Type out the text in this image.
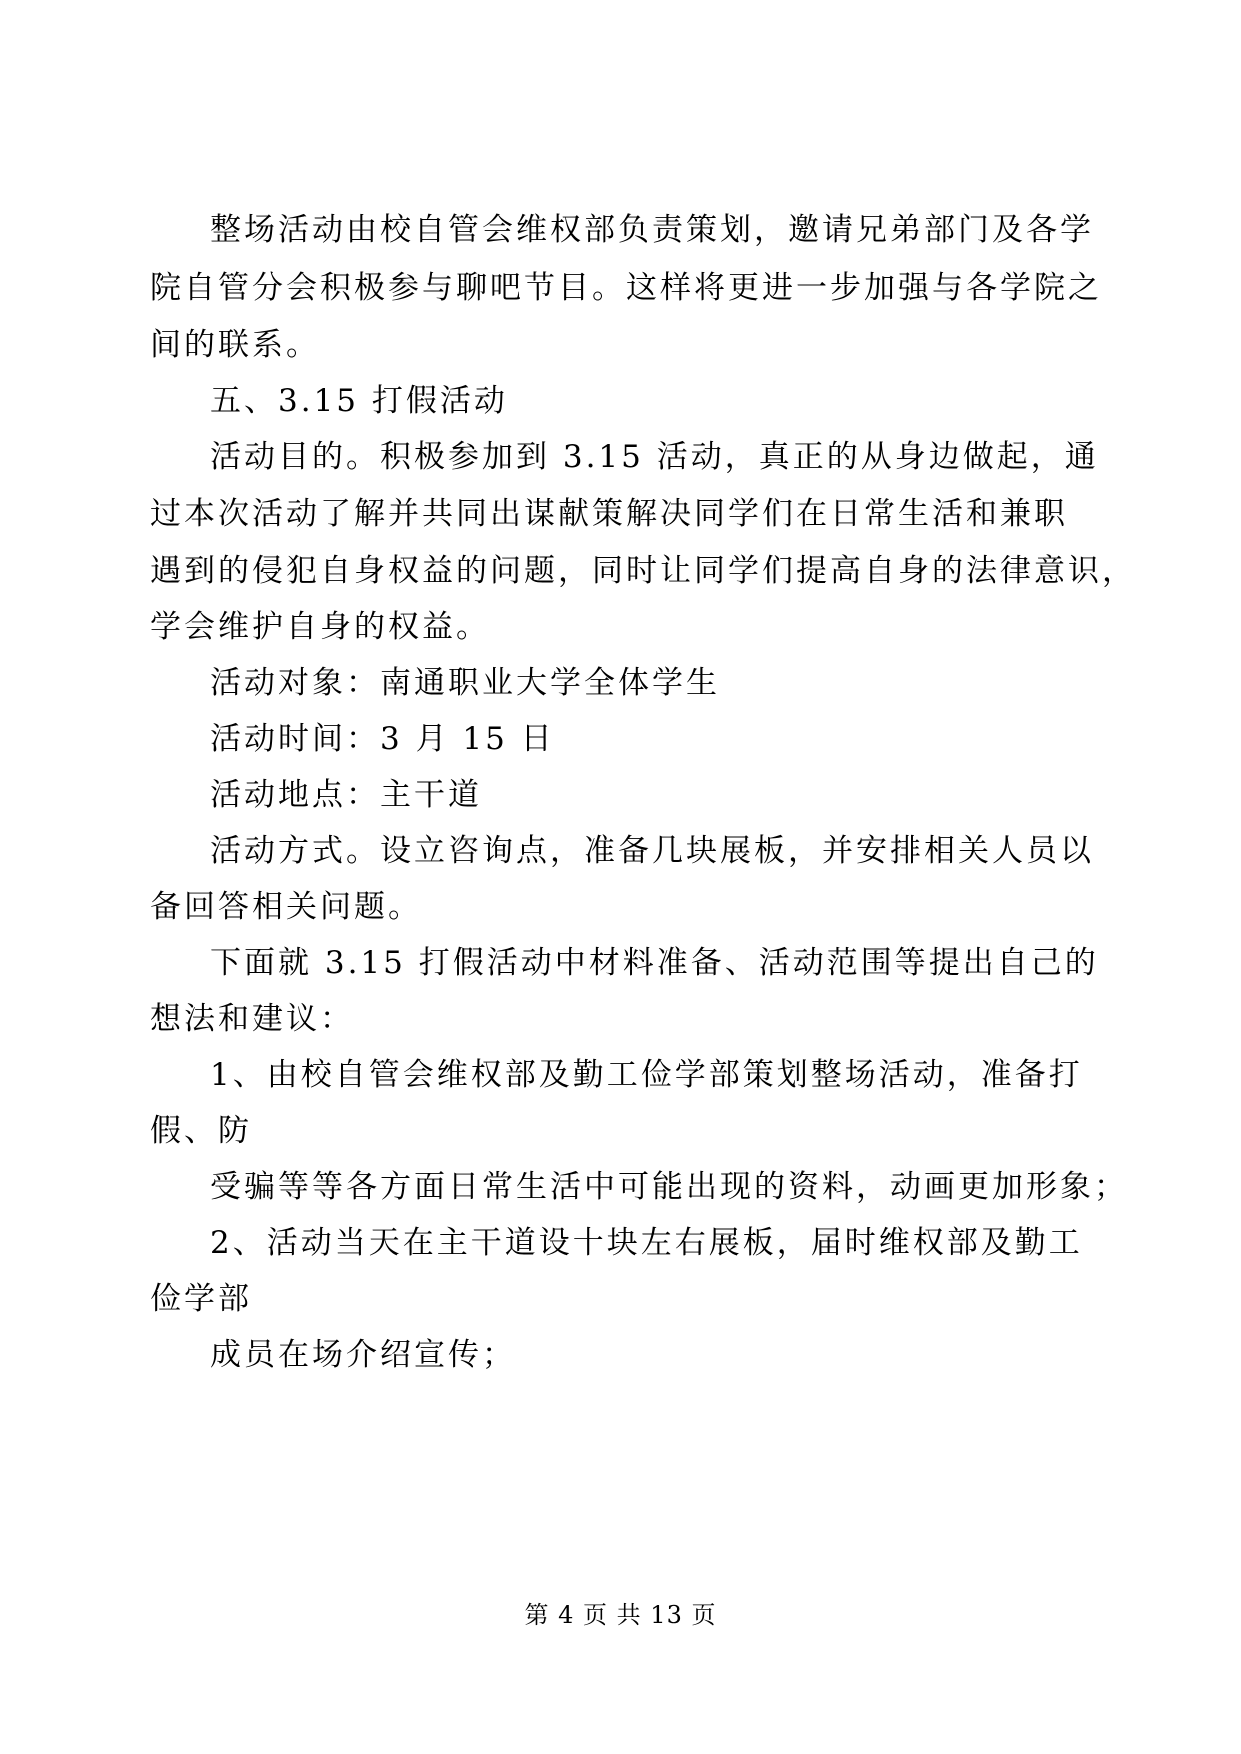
整场活动由校自管会维权部负责策划，邀请兄弟部门及各学
院自管分会积极参与聊吧节目。这样将更进一步加强与各学院之
间的联系。
五、3.15 打假活动
活动目的。积极参加到 3.15 活动，真正的从身边做起，通
过本次活动了解并共同出谋献策解决同学们在日常生活和兼职
遇到的侵犯自身权益的问题，同时让同学们提高自身的法律意识，
学会维护自身的权益。
活动对象：南通职业大学全体学生
活动时间：3 月 15 日
活动地点：主干道
活动方式。设立咨询点，准备几块展板，并安排相关人员以
备回答相关问题。
下面就 3.15 打假活动中材料准备、活动范围等提出自己的
想法和建议：
1、由校自管会维权部及勤工俭学部策划整场活动，准备打
假、防
受骗等等各方面日常生活中可能出现的资料，动画更加形象；
2、活动当天在主干道设十块左右展板，届时维权部及勤工
俭学部
成员在场介绍宣传；
第 4 页 共 13 页
